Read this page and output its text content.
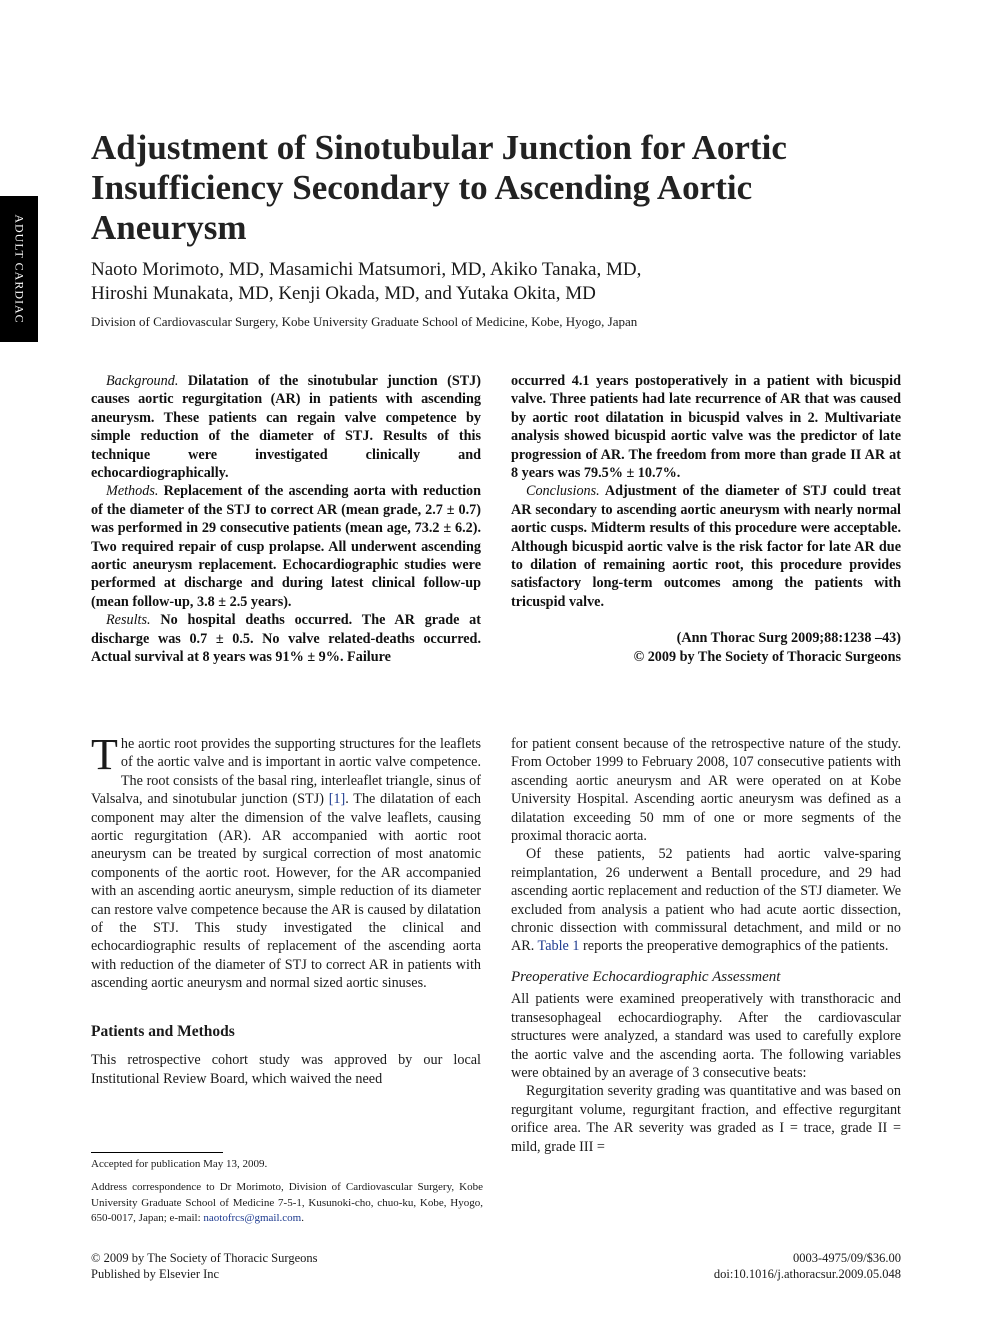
ADULT CARDIAC
Adjustment of Sinotubular Junction for Aortic Insufficiency Secondary to Ascending Aortic Aneurysm
Naoto Morimoto, MD, Masamichi Matsumori, MD, Akiko Tanaka, MD,
Hiroshi Munakata, MD, Kenji Okada, MD, and Yutaka Okita, MD
Division of Cardiovascular Surgery, Kobe University Graduate School of Medicine, Kobe, Hyogo, Japan

Background. Dilatation of the sinotubular junction (STJ) causes aortic regurgitation (AR) in patients with ascending aneurysm. These patients can regain valve competence by simple reduction of the diameter of STJ. Results of this technique were investigated clinically and echocardiographically.

Methods. Replacement of the ascending aorta with reduction of the diameter of the STJ to correct AR (mean grade, 2.7 ± 0.7) was performed in 29 consecutive patients (mean age, 73.2 ± 6.2). Two required repair of cusp prolapse. All underwent ascending aortic aneurysm replacement. Echocardiographic studies were performed at discharge and during latest clinical follow-up (mean follow-up, 3.8 ± 2.5 years).

Results. No hospital deaths occurred. The AR grade at discharge was 0.7 ± 0.5. No valve related-deaths occurred. Actual survival at 8 years was 91% ± 9%. Failure

occurred 4.1 years postoperatively in a patient with bicuspid valve. Three patients had late recurrence of AR that was caused by aortic root dilatation in bicuspid valves in 2. Multivariate analysis showed bicuspid aortic valve was the predictor of late progression of AR. The freedom from more than grade II AR at 8 years was 79.5% ± 10.7%.

Conclusions. Adjustment of the diameter of STJ could treat AR secondary to ascending aortic aneurysm with nearly normal aortic cusps. Midterm results of this procedure were acceptable. Although bicuspid aortic valve is the risk factor for late AR due to dilation of remaining aortic root, this procedure provides satisfactory long-term outcomes among the patients with tricuspid valve.

(Ann Thorac Surg 2009;88:1238 –43)
© 2009 by The Society of Thoracic Surgeons

The aortic root provides the supporting structures for the leaflets of the aortic valve and is important in aortic valve competence. The root consists of the basal ring, interleaflet triangle, sinus of Valsalva, and sinotubular junction (STJ) [1]. The dilatation of each component may alter the dimension of the valve leaflets, causing aortic regurgitation (AR). AR accompanied with aortic root aneurysm can be treated by surgical correction of most anatomic components of the aortic root. However, for the AR accompanied with an ascending aortic aneurysm, simple reduction of its diameter can restore valve competence because the AR is caused by dilatation of the STJ. This study investigated the clinical and echocardiographic results of replacement of the ascending aorta with reduction of the diameter of STJ to correct AR in patients with ascending aortic aneurysm and normal sized aortic sinuses.

Patients and Methods

This retrospective cohort study was approved by our local Institutional Review Board, which waived the need

for patient consent because of the retrospective nature of the study. From October 1999 to February 2008, 107 consecutive patients with ascending aortic aneurysm and AR were operated on at Kobe University Hospital. Ascending aortic aneurysm was defined as a dilatation exceeding 50 mm of one or more segments of the proximal thoracic aorta.

Of these patients, 52 patients had aortic valve-sparing reimplantation, 26 underwent a Bentall procedure, and 29 had ascending aortic replacement and reduction of the STJ diameter. We excluded from analysis a patient who had acute aortic dissection, chronic dissection with commissural detachment, and mild or no AR. Table 1 reports the preoperative demographics of the patients.

Preoperative Echocardiographic Assessment

All patients were examined preoperatively with transthoracic and transesophageal echocardiography. After the cardiovascular structures were analyzed, a standard was used to carefully explore the aortic valve and the ascending aorta. The following variables were obtained by an average of 3 consecutive beats:

Regurgitation severity grading was quantitative and was based on regurgitant volume, regurgitant fraction, and effective regurgitant orifice area. The AR severity was graded as I = trace, grade II = mild, grade III =

Accepted for publication May 13, 2009.
Address correspondence to Dr Morimoto, Division of Cardiovascular Surgery, Kobe University Graduate School of Medicine 7-5-1, Kusunoki-cho, chuo-ku, Kobe, Hyogo, 650-0017, Japan; e-mail: naotofrcs@gmail.com.
© 2009 by The Society of Thoracic Surgeons
Published by Elsevier Inc
0003-4975/09/$36.00
doi:10.1016/j.athoracsur.2009.05.048
